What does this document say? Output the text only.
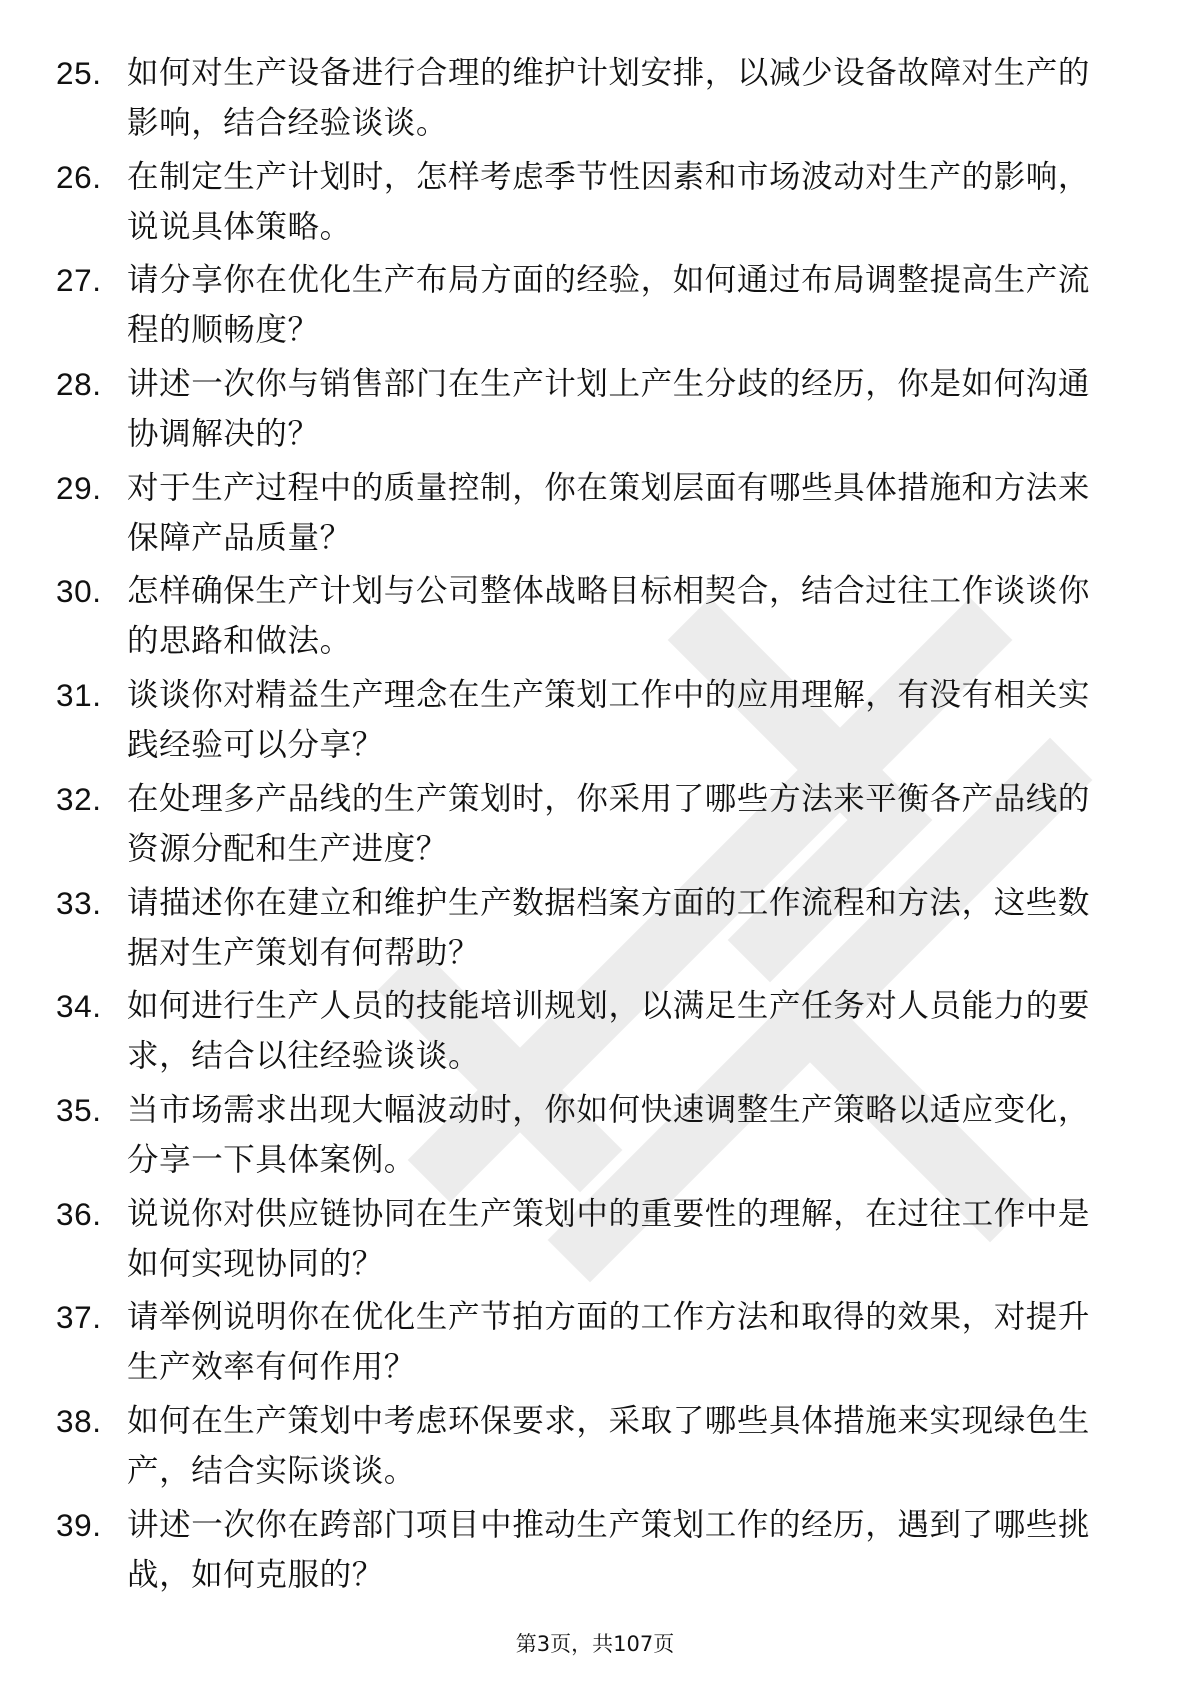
25. 如何对生产设备进行合理的维护计划安排，以减少设备故障对生产的影响，结合经验谈谈。
26. 在制定生产计划时，怎样考虑季节性因素和市场波动对生产的影响，说说具体策略。
27. 请分享你在优化生产布局方面的经验，如何通过布局调整提高生产流程的顺畅度？
28. 讲述一次你与销售部门在生产计划上产生分歧的经历，你是如何沟通协调解决的？
29. 对于生产过程中的质量控制，你在策划层面有哪些具体措施和方法来保障产品质量？
30. 怎样确保生产计划与公司整体战略目标相契合，结合过往工作谈谈你的思路和做法。
31. 谈谈你对精益生产理念在生产策划工作中的应用理解，有没有相关实践经验可以分享？
32. 在处理多产品线的生产策划时，你采用了哪些方法来平衡各产品线的资源分配和生产进度？
33. 请描述你在建立和维护生产数据档案方面的工作流程和方法，这些数据对生产策划有何帮助？
34. 如何进行生产人员的技能培训规划，以满足生产任务对人员能力的要求，结合以往经验谈谈。
35. 当市场需求出现大幅波动时，你如何快速调整生产策略以适应变化，分享一下具体案例。
36. 说说你对供应链协同在生产策划中的重要性的理解，在过往工作中是如何实现协同的？
37. 请举例说明你在优化生产节拍方面的工作方法和取得的效果，对提升生产效率有何作用？
38. 如何在生产策划中考虑环保要求，采取了哪些具体措施来实现绿色生产，结合实际谈谈。
39. 讲述一次你在跨部门项目中推动生产策划工作的经历，遇到了哪些挑战，如何克服的？
第3页，共107页
